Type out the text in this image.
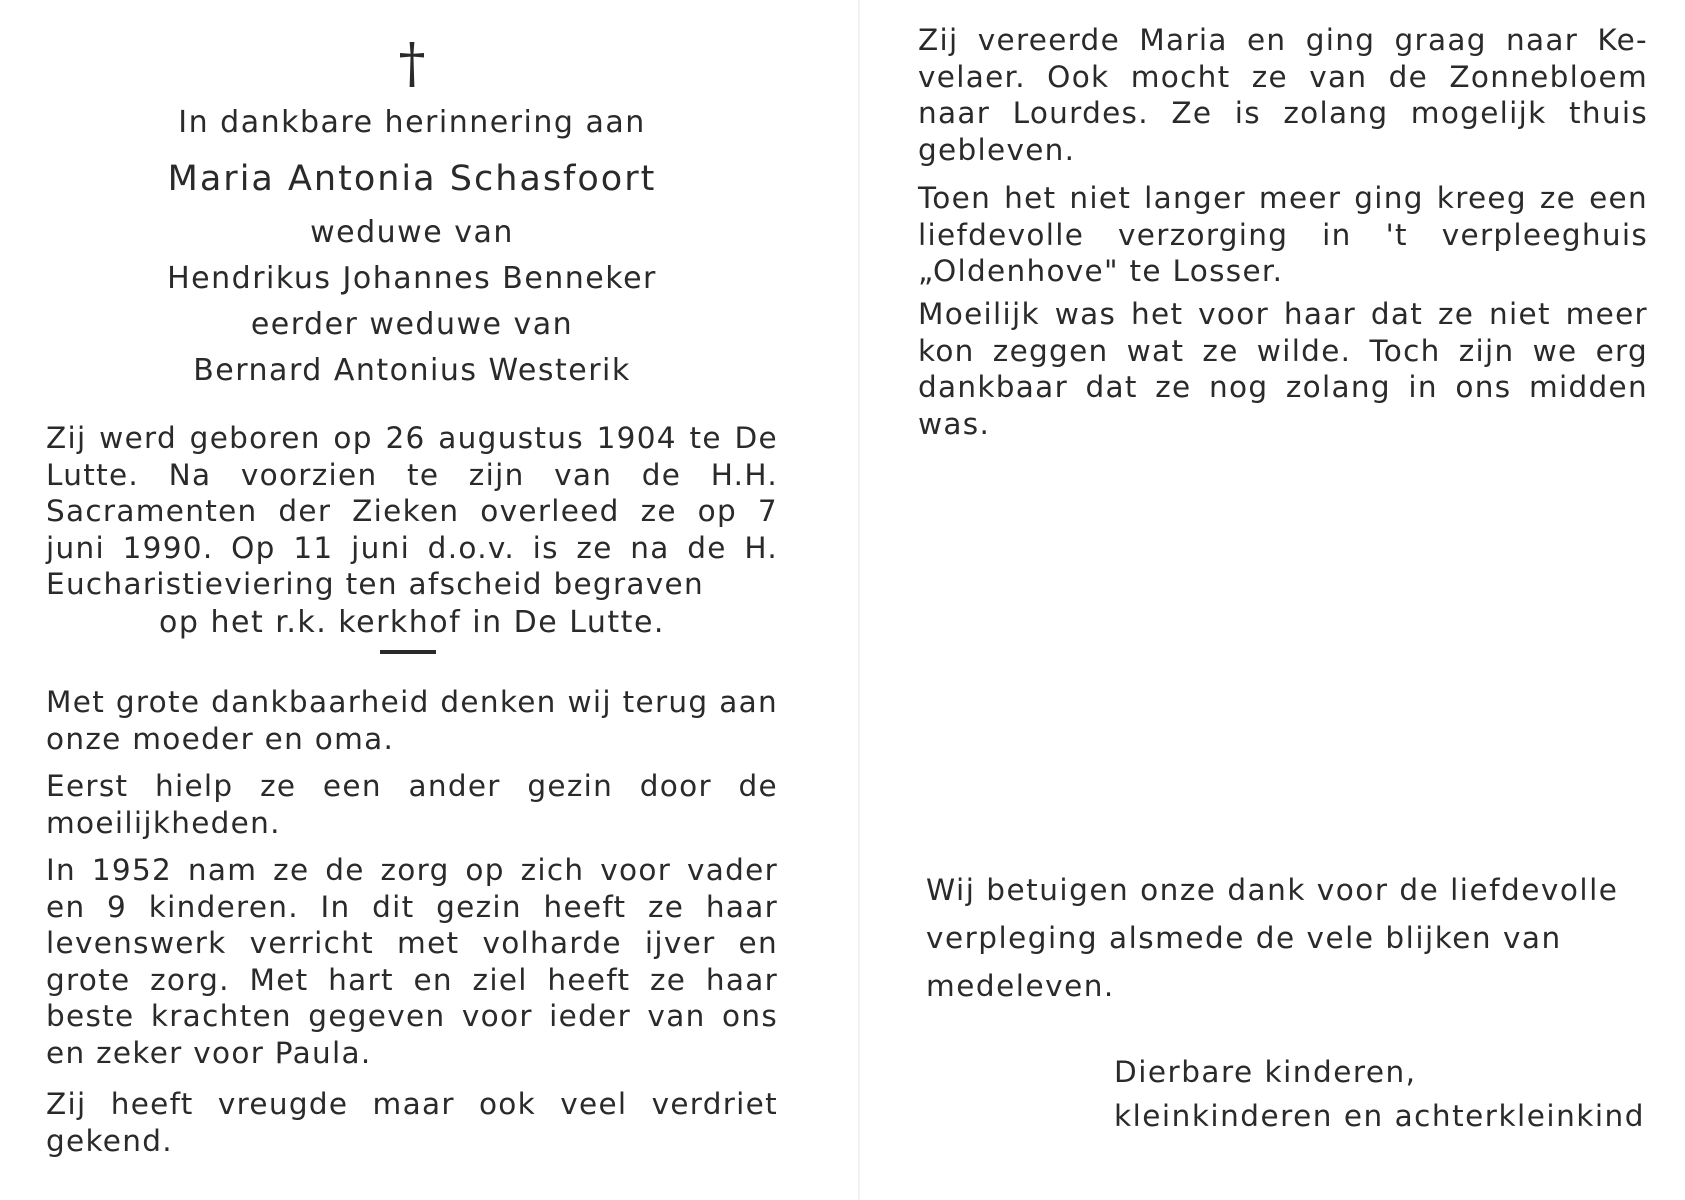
†
In dankbare herinnering aan
Maria Antonia Schasfoort
weduwe van
Hendrikus Johannes Benneker
eerder weduwe van
Bernard Antonius Westerik
Zij werd geboren op 26 augustus 1904 te De Lutte. Na voorzien te zijn van de H.H. Sacramenten der Zieken overleed ze op 7 juni 1990. Op 11 juni d.o.v. is ze na de H. Eucharistieviering ten afscheid begraven
op het r.k. kerkhof in De Lutte.
Met grote dankbaarheid denken wij terug aan onze moeder en oma.
Eerst hielp ze een ander gezin door de moeilijkheden.
In 1952 nam ze de zorg op zich voor vader en 9 kinderen. In dit gezin heeft ze haar levenswerk verricht met volharde ijver en grote zorg. Met hart en ziel heeft ze haar beste krachten gegeven voor ieder van ons en zeker voor Paula.
Zij heeft vreugde maar ook veel verdriet gekend.
Zij vereerde Maria en ging graag naar Ke-velaer. Ook mocht ze van de Zonnebloem naar Lourdes. Ze is zolang mogelijk thuis gebleven.
Toen het niet langer meer ging kreeg ze een liefdevolle verzorging in 't verpleeghuis „Oldenhove" te Losser.
Moeilijk was het voor haar dat ze niet meer kon zeggen wat ze wilde. Toch zijn we erg dankbaar dat ze nog zolang in ons midden was.
Wij betuigen onze dank voor de liefdevolle verpleging alsmede de vele blijken van medeleven.
Dierbare kinderen,
kleinkinderen en achterkleinkind
